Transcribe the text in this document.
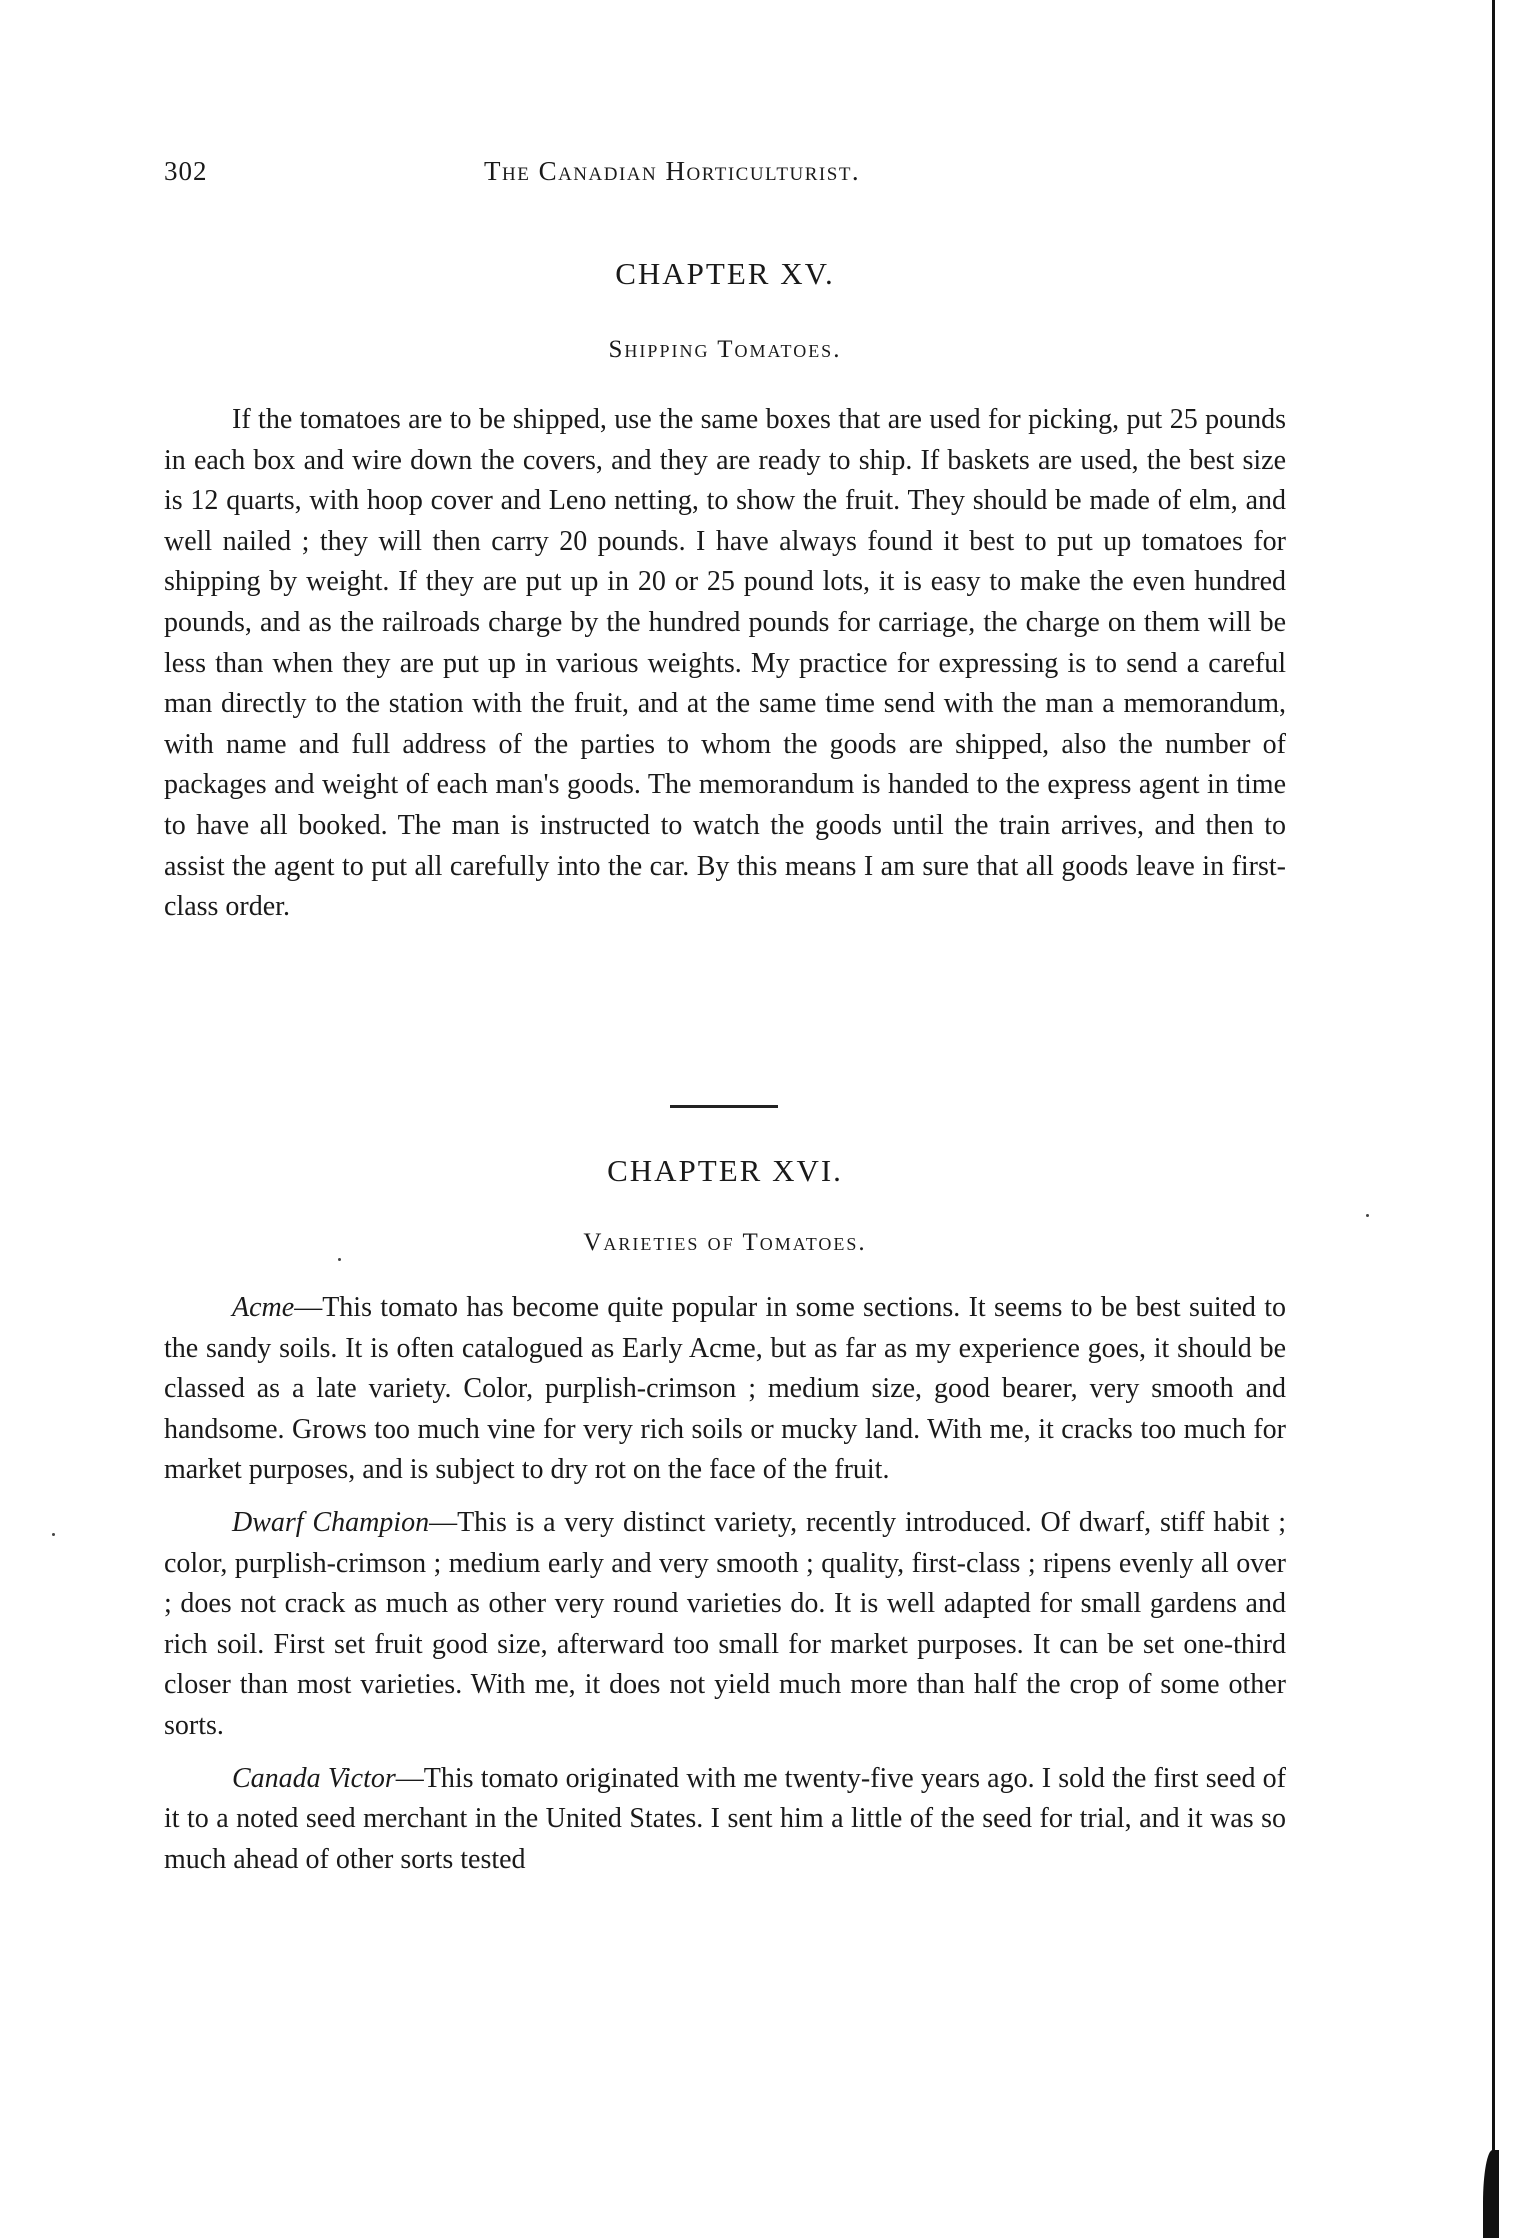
302	The Canadian Horticulturist.
CHAPTER XV.
Shipping Tomatoes.

If the tomatoes are to be shipped, use the same boxes that are used for picking, put 25 pounds in each box and wire down the covers, and they are ready to ship. If baskets are used, the best size is 12 quarts, with hoop cover and Leno netting, to show the fruit. They should be made of elm, and well nailed ; they will then carry 20 pounds. I have always found it best to put up tomatoes for shipping by weight. If they are put up in 20 or 25 pound lots, it is easy to make the even hundred pounds, and as the railroads charge by the hundred pounds for carriage, the charge on them will be less than when they are put up in various weights. My practice for expressing is to send a careful man directly to the station with the fruit, and at the same time send with the man a memorandum, with name and full address of the parties to whom the goods are shipped, also the number of packages and weight of each man's goods. The memorandum is handed to the express agent in time to have all booked. The man is instructed to watch the goods until the train arrives, and then to assist the agent to put all carefully into the car. By this means I am sure that all goods leave in first-class order.

CHAPTER XVI.
Varieties of Tomatoes.

Acme—This tomato has become quite popular in some sections. It seems to be best suited to the sandy soils. It is often catalogued as Early Acme, but as far as my experience goes, it should be classed as a late variety. Color, purplish-crimson ; medium size, good bearer, very smooth and handsome. Grows too much vine for very rich soils or mucky land. With me, it cracks too much for market purposes, and is subject to dry rot on the face of the fruit.

Dwarf Champion—This is a very distinct variety, recently introduced. Of dwarf, stiff habit ; color, purplish-crimson ; medium early and very smooth ; quality, first-class ; ripens evenly all over ; does not crack as much as other very round varieties do. It is well adapted for small gardens and rich soil. First set fruit good size, afterward too small for market purposes. It can be set one-third closer than most varieties. With me, it does not yield much more than half the crop of some other sorts.

Canada Victor—This tomato originated with me twenty-five years ago. I sold the first seed of it to a noted seed merchant in the United States. I sent him a little of the seed for trial, and it was so much ahead of other sorts tested
